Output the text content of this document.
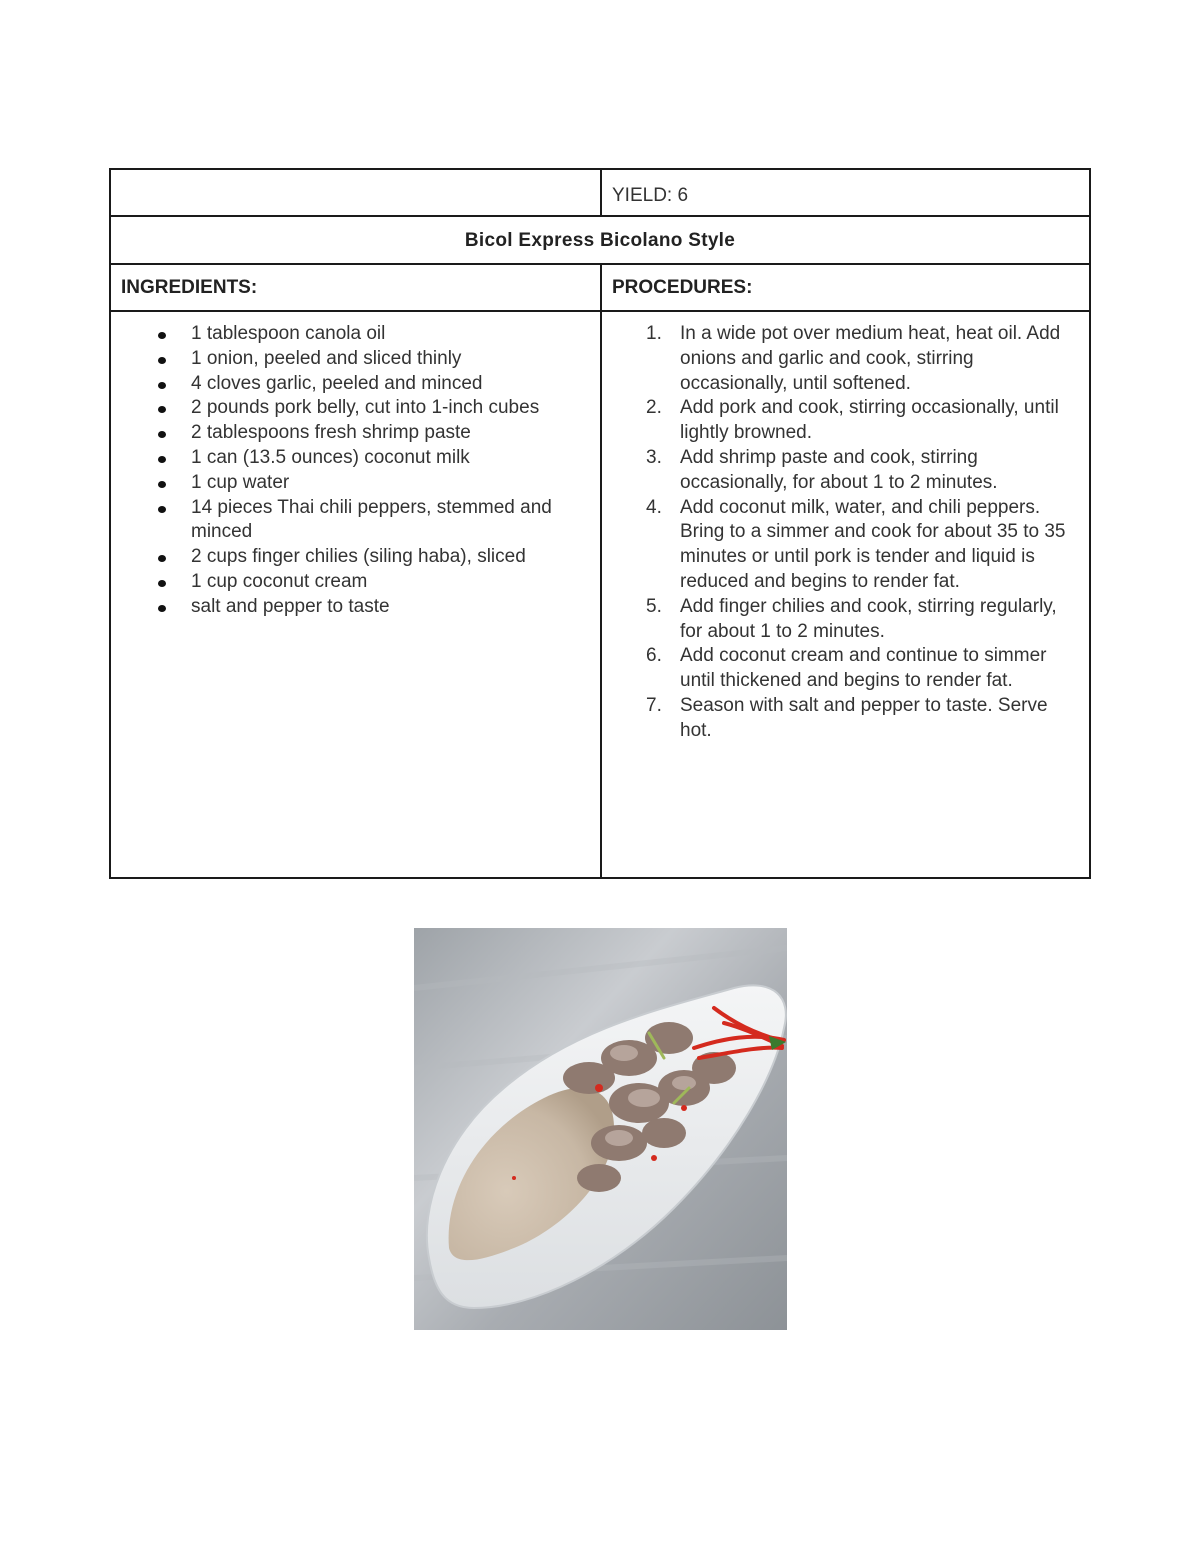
YIELD: 6
Bicol Express Bicolano Style
INGREDIENTS:	PROCEDURES:
1 tablespoon canola oil
1 onion, peeled and sliced thinly
4 cloves garlic, peeled and minced
2 pounds pork belly, cut into 1-inch cubes
2 tablespoons fresh shrimp paste
1 can (13.5 ounces) coconut milk
1 cup water
14 pieces Thai chili peppers, stemmed and minced
2 cups finger chilies (siling haba), sliced
1 cup coconut cream
salt and pepper to taste
1. In a wide pot over medium heat, heat oil. Add onions and garlic and cook, stirring occasionally, until softened.
2. Add pork and cook, stirring occasionally, until lightly browned.
3. Add shrimp paste and cook, stirring occasionally, for about 1 to 2 minutes.
4. Add coconut milk, water, and chili peppers. Bring to a simmer and cook for about 35 to 35 minutes or until pork is tender and liquid is reduced and begins to render fat.
5. Add finger chilies and cook, stirring regularly, for about 1 to 2 minutes.
6. Add coconut cream and continue to simmer until thickened and begins to render fat.
7. Season with salt and pepper to taste. Serve hot.
